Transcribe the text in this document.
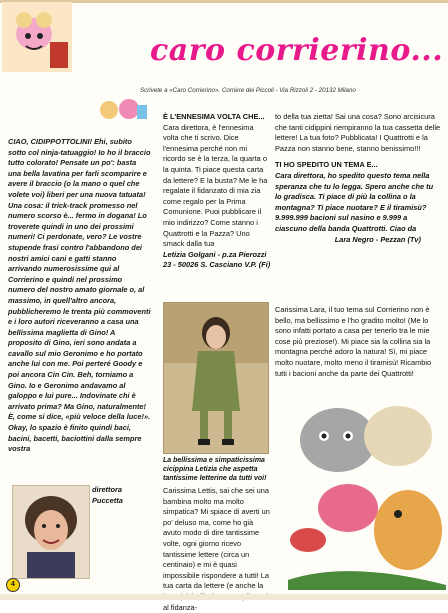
caro corrierino...
Scrivete a «Caro Corrierino». Corriere dei Piccoli - Via Rizzoli 2 - 20132 Milano

CIAO, CIDIPPOTTOLINI! Ehi, subito sotto col ninja-tatuaggio! Io ho il braccio tutto colorato! Pensate un po': basta una bella lavatina per farli scomparire e avere il braccio (o la mano o quel che volete voi) liberi per una nuova tatuata! Una cosa: il trick-track promesso nel numero scorso è... fermo in dogana! Lo troverete quindi in uno dei prossimi numeri! Ci perdonate, vero? Le vostre stupende frasi contro l'abbandono dei nostri amici cani e gatti stanno arrivando numerosissime qui al Corrierino e quindi nel prossimo numero del nostro amato giornale o, al massimo, in quell'altro ancora, pubblicheremo le trenta più commoventi e i loro autori riceveranno a casa una bellissima maglietta di Gino! A proposito di Gino, ieri sono andata a cavallo sul mio Geronimo e ho portato anche lui con me. Poi perteré Goody e poi ancora Cin Cin. Beh, torniamo a Gino. Io e Geronimo andavamo al galoppo e lui pure... Indovinate chi è arrivato prima? Ma Gino, naturalmente! È, come si dice, «più veloce della luce!». Okay, lo spazio è finito quindi baci, bacini, bacetti, baciottini dalla sempre vostra

direttora
Puccetta

È L'ENNESIMA VOLTA CHE...

Cara direttora, è l'ennesima volta che ti scrivo. Dice l'ennesima perché non mi ricordo se è la terza, la quarta o la quinta. Ti piace questa carta da lettere? E la busta? Me le ha regalate il fidanzato di mia zia come regalo per la Prima Comunione. Puoi pubblicare il mio indirizzo? Come stanno i Quattrotti e la Pazza? Uno smack dalla tua

Letizia Golgani - p.za Pierozzi 23 - 50026 S. Casciano V.P. (Fi)

La bellissima e simpaticissima cicippina Letizia che aspetta tantissime letterine da tutti voi!
Carissima Lettis, sai che sei una bambina molto ma molto simpatica? Mi spiace di averti un po' deluso ma, come ho già avuto modo di dire tantissime volte, ogni giorno ricevo tantissime lettere (circa un centinaio) e mi è quasi impossibile rispondere a tutti! La tua carta da lettere (e anche la al fidanza-

to della tua zietta! Sai una cosa? Sono arcisicura che tanti cidippini riempiranno la tua cassetta delle lettere! La tua foto? Pubblicata! I Quattrotti e la Pazza non stanno bene, stanno benissimo!!!

TI HO SPEDITO UN TEMA E...

Cara direttora, ho spedito questo tema nella speranza che tu lo legga. Spero anche che tu lo gradisca. Ti piace di più la collina o la montagna? Ti piace nuotare? E il tiramisù? 9.999.999 bacioni sul nasino e 9.999 a ciascuno della banda Quattrotti. Ciao da

Lara Negro - Pezzan (Tv)

Carissima Lara, il tuo tema sul Corrierino non è bello, ma bellissimo e l'ho gradito molto! (Me lo sono infatti portato a casa per tenerlo tra le mie cose più preziose!). Mi piace sia la collina sia la montagna perché adoro la natura! Sì, mi piace molto nuotare, molto meno il tiramisù! Ricambio tutti i bacioni anche da parte dei Quattrotti!
4
